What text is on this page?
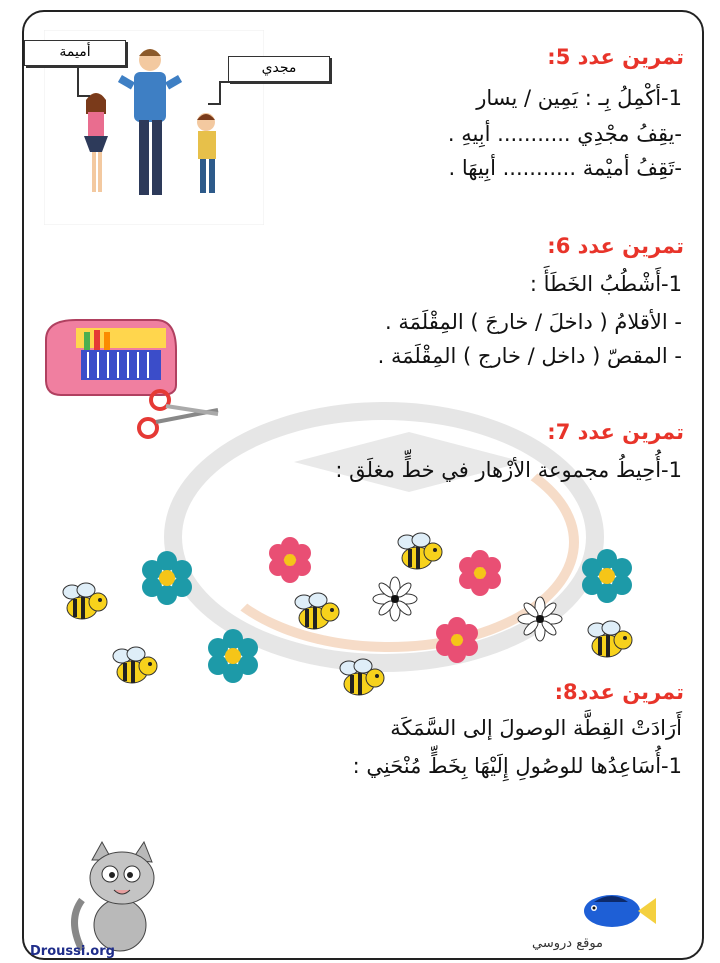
أميمة
مجدي	تمرين عدد 5:
1-أكْمِلُ بِـ : يَمِين / يسار
-يقِفُ مجْدِي ........... أبِيهِ .
-تَقِفُ أميْمة ........... أبِيهَا .
تمرين عدد 6:
1-أَشْطُبُ الخَطَأَ :
- الأقلامُ ( داخلَ / خارجَ ) المِقْلَمَة .
- المقصّ ( داخل / خارج ) المِقْلَمَة .
تمرين عدد 7:
1-أُحِيطُ مجموعة الأزْهار في خطٍّ مغلَق :
تمرين عدد8:
أَرَادَتْ القِطَّة الوصولَ إلى السَّمَكَة
1-أُسَاعِدُها للوصُولِ إِلَيْهَا بِخَطٍّ مُنْحَنِي :
Droussi.org
موقع دروسي
